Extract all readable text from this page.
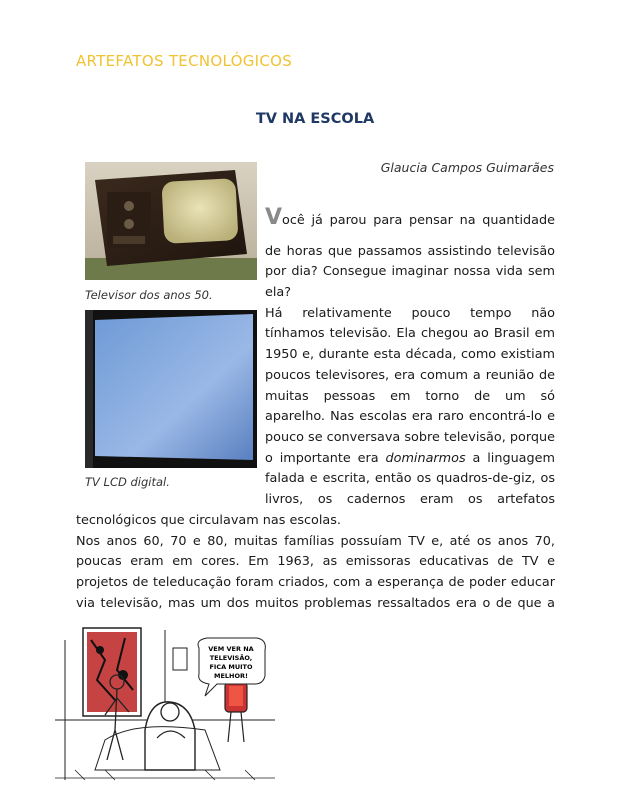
ARTEFATOS TECNOLÓGICOS
TV NA ESCOLA
Glaucia Campos Guimarães
Televisor dos anos 50.
TV LCD digital.
Você já parou para pensar na quantidade
de horas que passamos assistindo televisão
por dia? Consegue imaginar nossa vida sem
ela?
Há relativamente pouco tempo não
tínhamos televisão. Ela chegou ao Brasil em
1950 e, durante esta década, como existiam
poucos televisores, era comum a reunião de
muitas pessoas em torno de um só
aparelho. Nas escolas era raro encontrá-lo e
pouco se conversava sobre televisão, porque
o importante era dominarmos a linguagem
falada e escrita, então os quadros-de-giz, os
livros, os cadernos eram os artefatos
tecnológicos que circulavam nas escolas.
Nos anos 60, 70 e 80, muitas famílias possuíam TV e, até os anos 70,
poucas eram em cores. Em 1963, as emissoras educativas de TV e
projetos de teleducação foram criados, com a esperança de poder educar
via televisão, mas um dos muitos problemas ressaltados era o de que a
VEM VER NA
TELEVISÃO,
FICA MUITO
MELHOR!
